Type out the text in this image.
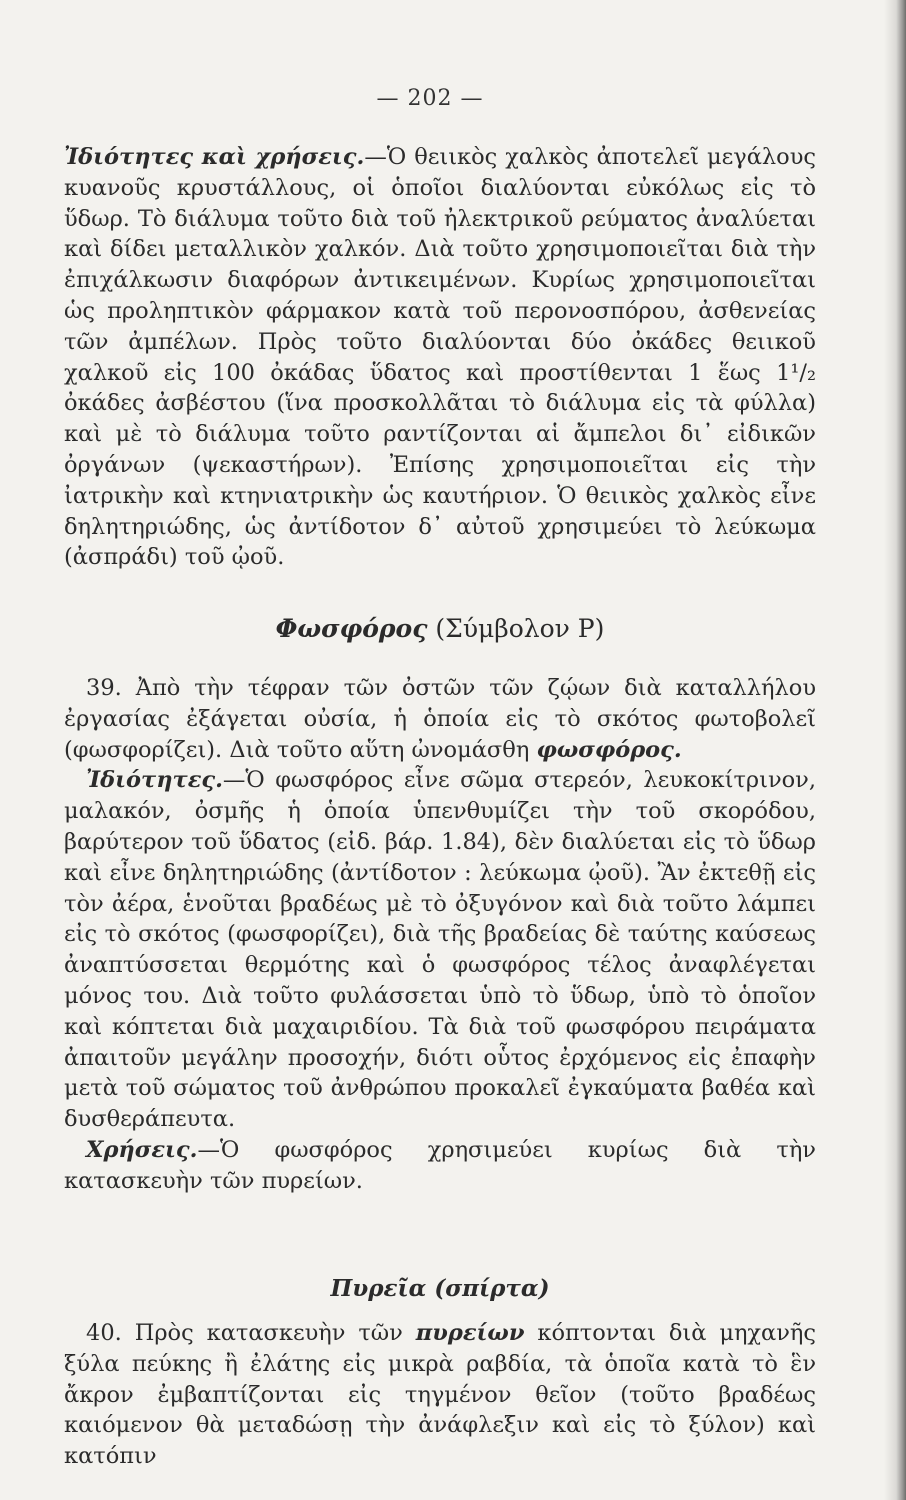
— 202 —
Ἰδιότητες καὶ χρήσεις.—Ὁ θειικὸς χαλκὸς ἀποτελεῖ μεγάλους κυανοῦς κρυστάλλους, οἱ ὁποῖοι διαλύονται εὐκόλως εἰς τὸ ὕδωρ. Τὸ διάλυμα τοῦτο διὰ τοῦ ἠλεκτρικοῦ ρεύματος ἀναλύεται καὶ δίδει μεταλλικὸν χαλκόν. Διὰ τοῦτο χρησιμοποιεῖται διὰ τὴν ἐπιχάλκωσιν διαφόρων ἀντικειμένων. Κυρίως χρησιμοποιεῖται ὡς προληπτικὸν φάρμακον κατὰ τοῦ περονοσπόρου, ἀσθενείας τῶν ἀμπέλων. Πρὸς τοῦτο διαλύονται δύο ὀκάδες θειικοῦ χαλκοῦ εἰς 100 ὀκάδας ὕδατος καὶ προστίθενται 1 ἕως 1¹/₂ ὀκάδες ἀσβέστου (ἵνα προσκολλᾶται τὸ διάλυμα εἰς τὰ φύλλα) καὶ μὲ τὸ διάλυμα τοῦτο ραντίζονται αἱ ἄμπελοι δι᾽ εἰδικῶν ὀργάνων (ψεκαστήρων). Ἐπίσης χρησιμοποιεῖται εἰς τὴν ἰατρικὴν καὶ κτηνιατρικὴν ὡς καυτήριον. Ὁ θειικὸς χαλκὸς εἶνε δηλητηριώδης, ὡς ἀντίδοτον δ᾽ αὐτοῦ χρησιμεύει τὸ λεύκωμα (ἀσπράδι) τοῦ ᾠοῦ.
Φωσφόρος (Σύμβολον P)
39. Ἀπὸ τὴν τέφραν τῶν ὀστῶν τῶν ζῴων διὰ καταλλήλου ἐργασίας ἐξάγεται οὐσία, ἡ ὁποία εἰς τὸ σκότος φωτοβολεῖ (φωσφορίζει). Διὰ τοῦτο αὕτη ὠνομάσθη φωσφόρος.
Ἰδιότητες.—Ὁ φωσφόρος εἶνε σῶμα στερεόν, λευκοκίτρινον, μαλακόν, ὀσμῆς ἡ ὁποία ὑπενθυμίζει τὴν τοῦ σκορόδου, βαρύτερον τοῦ ὕδατος (εἰδ. βάρ. 1.84), δὲν διαλύεται εἰς τὸ ὕδωρ καὶ εἶνε δηλητηριώδης (ἀντίδοτον : λεύκωμα ᾠοῦ). Ἂν ἐκτεθῇ εἰς τὸν ἀέρα, ἑνοῦται βραδέως μὲ τὸ ὀξυγόνον καὶ διὰ τοῦτο λάμπει εἰς τὸ σκότος (φωσφορίζει), διὰ τῆς βραδείας δὲ ταύτης καύσεως ἀναπτύσσεται θερμότης καὶ ὁ φωσφόρος τέλος ἀναφλέγεται μόνος του. Διὰ τοῦτο φυλάσσεται ὑπὸ τὸ ὕδωρ, ὑπὸ τὸ ὁποῖον καὶ κόπτεται διὰ μαχαιριδίου. Τὰ διὰ τοῦ φωσφόρου πειράματα ἀπαιτοῦν μεγάλην προσοχήν, διότι οὗτος ἐρχόμενος εἰς ἐπαφὴν μετὰ τοῦ σώματος τοῦ ἀνθρώπου προκαλεῖ ἐγκαύματα βαθέα καὶ δυσθεράπευτα.
Χρήσεις.—Ὁ φωσφόρος χρησιμεύει κυρίως διὰ τὴν κατασκευὴν τῶν πυρείων.
Πυρεῖα (σπίρτα)
40. Πρὸς κατασκευὴν τῶν πυρείων κόπτονται διὰ μηχανῆς ξύλα πεύκης ἢ ἐλάτης εἰς μικρὰ ραβδία, τὰ ὁποῖα κατὰ τὸ ἓν ἄκρον ἐμβαπτίζονται εἰς τηγμένον θεῖον (τοῦτο βραδέως καιόμενον θὰ μεταδώσῃ τὴν ἀνάφλεξιν καὶ εἰς τὸ ξύλον) καὶ κατόπιν
